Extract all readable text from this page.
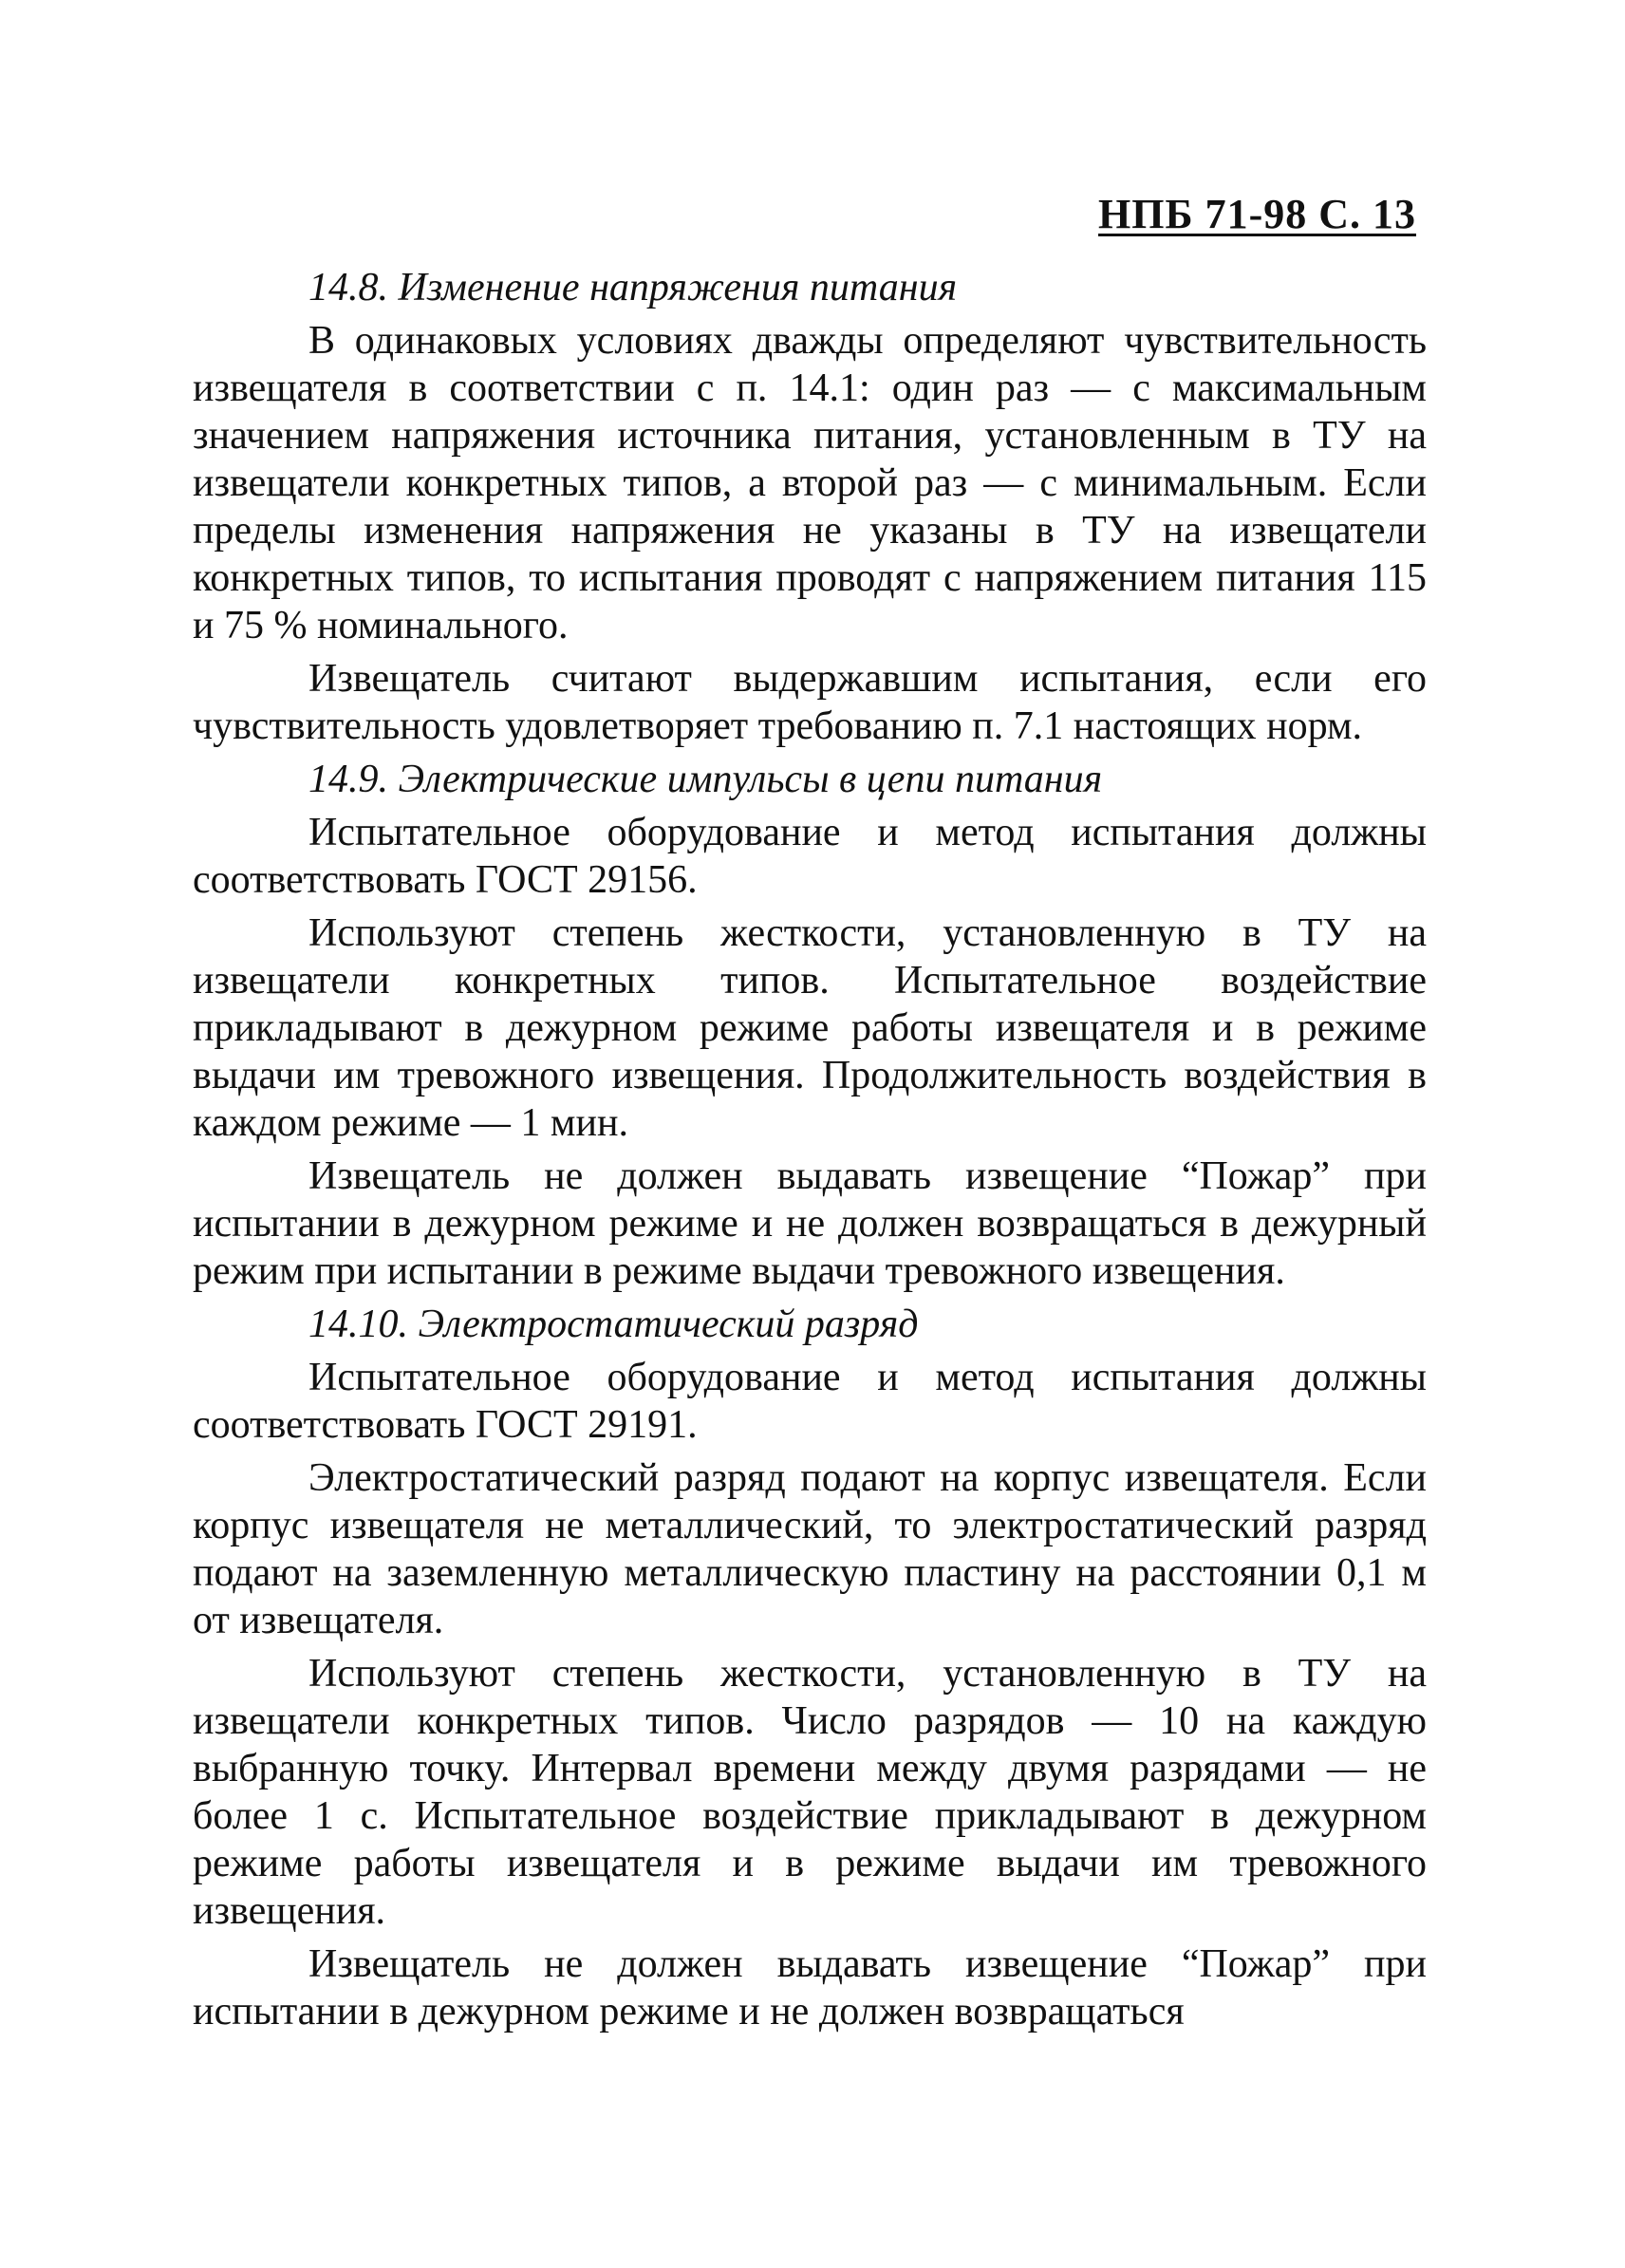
НПБ 71-98 С. 13
14.8. Изменение напряжения питания

В одинаковых условиях дважды определяют чувствительность извещателя в соответствии с п. 14.1: один раз — с максимальным значением напряжения источника питания, установленным в ТУ на извещатели конкретных типов, а второй раз — с минимальным. Если пределы изменения напряжения не указаны в ТУ на извещатели конкретных типов, то испытания проводят с напряжением питания 115 и 75 % номинального.

Извещатель считают выдержавшим испытания, если его чувствительность удовлетворяет требованию п. 7.1 настоящих норм.

14.9. Электрические импульсы в цепи питания

Испытательное оборудование и метод испытания должны соответствовать ГОСТ 29156.

Используют степень жесткости, установленную в ТУ на извещатели конкретных типов. Испытательное воздействие прикладывают в дежурном режиме работы извещателя и в режиме выдачи им тревожного извещения. Продолжительность воздействия в каждом режиме — 1 мин.

Извещатель не должен выдавать извещение “Пожар” при испытании в дежурном режиме и не должен возвращаться в дежурный режим при испытании в режиме выдачи тревожного извещения.

14.10. Электростатический разряд

Испытательное оборудование и метод испытания должны соответствовать ГОСТ 29191.

Электростатический разряд подают на корпус извещателя. Если корпус извещателя не металлический, то электростатический разряд подают на заземленную металлическую пластину на расстоянии 0,1 м от извещателя.

Используют степень жесткости, установленную в ТУ на извещатели конкретных типов. Число разрядов — 10 на каждую выбранную точку. Интервал времени между двумя разрядами — не более 1 с. Испытательное воздействие прикладывают в дежурном режиме работы извещателя и в режиме выдачи им тревожного извещения.

Извещатель не должен выдавать извещение “Пожар” при испытании в дежурном режиме и не должен возвращаться
